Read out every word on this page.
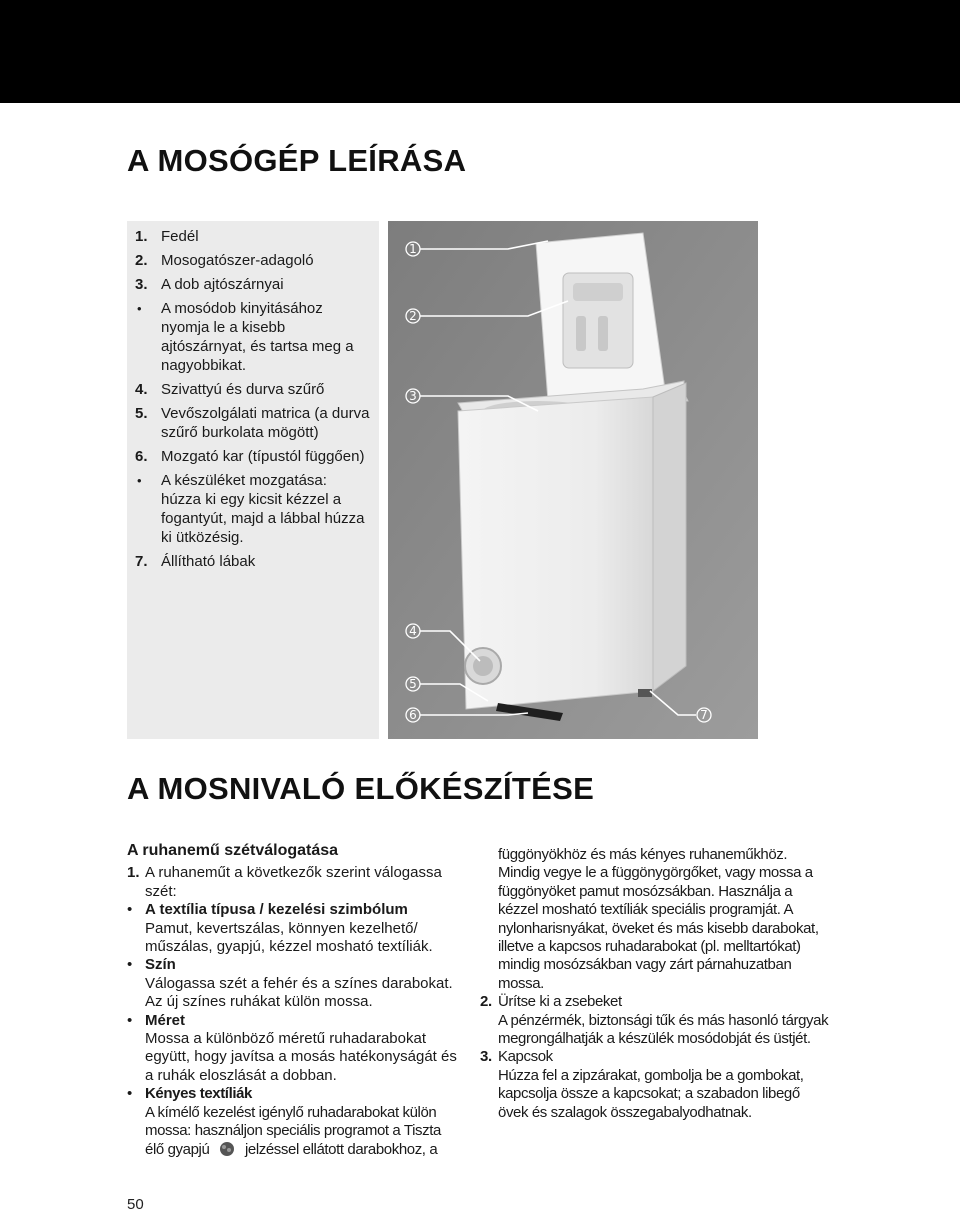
A MOSÓGÉP LEÍRÁSA
1. Fedél
2. Mosogatószer-adagoló
3. A dob ajtószárnyai
•	A mosódob kinyitásához nyomja le a kisebb ajtószárnyat, és tartsa meg a nagyobbikat.
4. Szivattyú és durva szűrő
5. Vevőszolgálati matrica (a durva szűrő burkolata mögött)
6. Mozgató kar (típustól függően)
•	A készüléket mozgatása: húzza ki egy kicsit kézzel a fogantyút, majd a lábbal húzza ki ütközésig.
7. Állítható lábak
1
2
3
4
5
6	7
A MOSNIVALÓ ELŐKÉSZÍTÉSE
A ruhanemű szétválogatása
1. A ruhaneműt a következők szerint válogassa szét:
• A textília típusa / kezelési szimbólum
Pamut, kevertszálas, könnyen kezelhető/ műszálas, gyapjú, kézzel mosható textíliák.
• Szín
Válogassa szét a fehér és a színes darabokat. Az új színes ruhákat külön mossa.
• Méret
Mossa a különböző méretű ruhadarabokat együtt, hogy javítsa a mosás hatékonyságát és a ruhák eloszlását a dobban.
• Kényes textíliák
A kímélő kezelést igénylő ruhadarabokat külön mossa: használjon speciális programot a Tiszta élő gyapjú jelzéssel ellátott darabokhoz, a
függönyökhöz és más kényes ruhaneműkhöz. Mindig vegye le a függönygörgőket, vagy mossa a függönyöket pamut mosózsákban. Használja a kézzel mosható textíliák speciális programját. A nylonharisnyákat, öveket és más kisebb darabokat, illetve a kapcsos ruhadarabokat (pl. melltartókat) mindig mosózsákban vagy zárt párnahuzatban mossa.
2. Ürítse ki a zsebeket
A pénzérmék, biztonsági tűk és más hasonló tárgyak megrongálhatják a készülék mosódobját és üstjét.
3. Kapcsok
Húzza fel a zipzárakat, gombolja be a gombokat, kapcsolja össze a kapcsokat; a szabadon libegő övek és szalagok összegabalyodhatnak.
50
